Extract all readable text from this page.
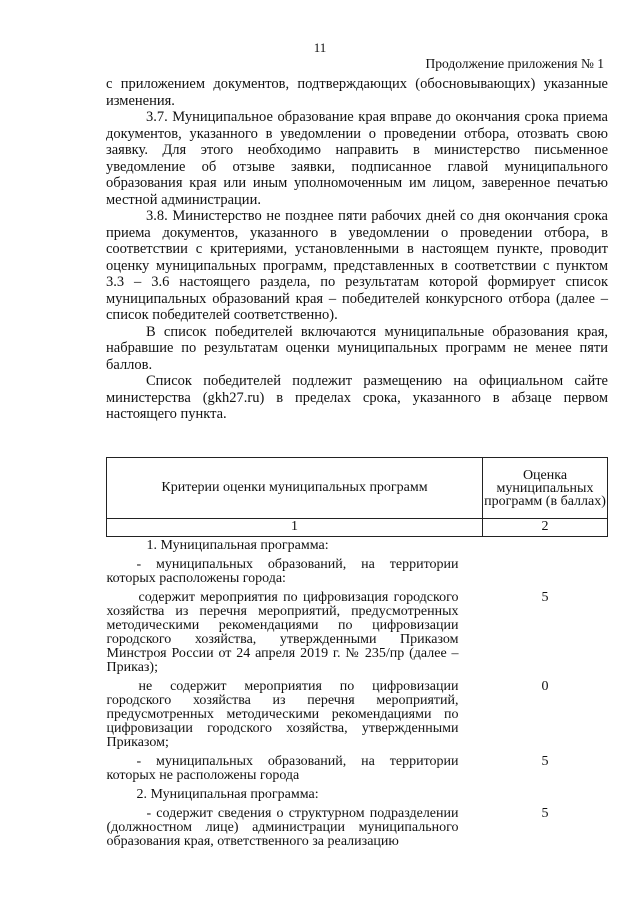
11
Продолжение приложения № 1

с приложением документов, подтверждающих (обосновывающих) указанные изменения.

3.7. Муниципальное образование края вправе до окончания срока приема документов, указанного в уведомлении о проведении отбора, отозвать свою заявку. Для этого необходимо направить в министерство письменное уведомление об отзыве заявки, подписанное главой муниципального образования края или иным уполномоченным им лицом, заверенное печатью местной администрации.

3.8. Министерство не позднее пяти рабочих дней со дня окончания срока приема документов, указанного в уведомлении о проведении отбора, в соответствии с критериями, установленными в настоящем пункте, проводит оценку муниципальных программ, представленных в соответствии с пунктом 3.3 – 3.6 настоящего раздела, по результатам которой формирует список муниципальных образований края – победителей конкурсного отбора (далее – список победителей соответственно).

В список победителей включаются муниципальные образования края, набравшие по результатам оценки муниципальных программ не менее пяти баллов.

Список победителей подлежит размещению на официальном сайте министерства (gkh27.ru) в пределах срока, указанного в абзаце первом настоящего пункта.

Критерии оценки муниципальных программ	Оценка муниципальных программ (в баллах)
1	2
1. Муниципальная программа:	
- муниципальных образований, на территории которых расположены города:	
содержит мероприятия по цифровизация городского хозяйства из перечня мероприятий, предусмотренных методическими рекомендациями по цифровизации городского хозяйства, утвержденными Приказом Минстроя России от 24 апреля 2019 г. № 235/пр (далее – Приказ);	5
не содержит мероприятия по цифровизации городского хозяйства из перечня мероприятий, предусмотренных методическими рекомендациями по цифровизации городского хозяйства, утвержденными Приказом;	0
- муниципальных образований, на территории которых не расположены города	5
2. Муниципальная программа:	
- содержит сведения о структурном подразделении (должностном лице) администрации муниципального образования края, ответственного за реализацию	5
